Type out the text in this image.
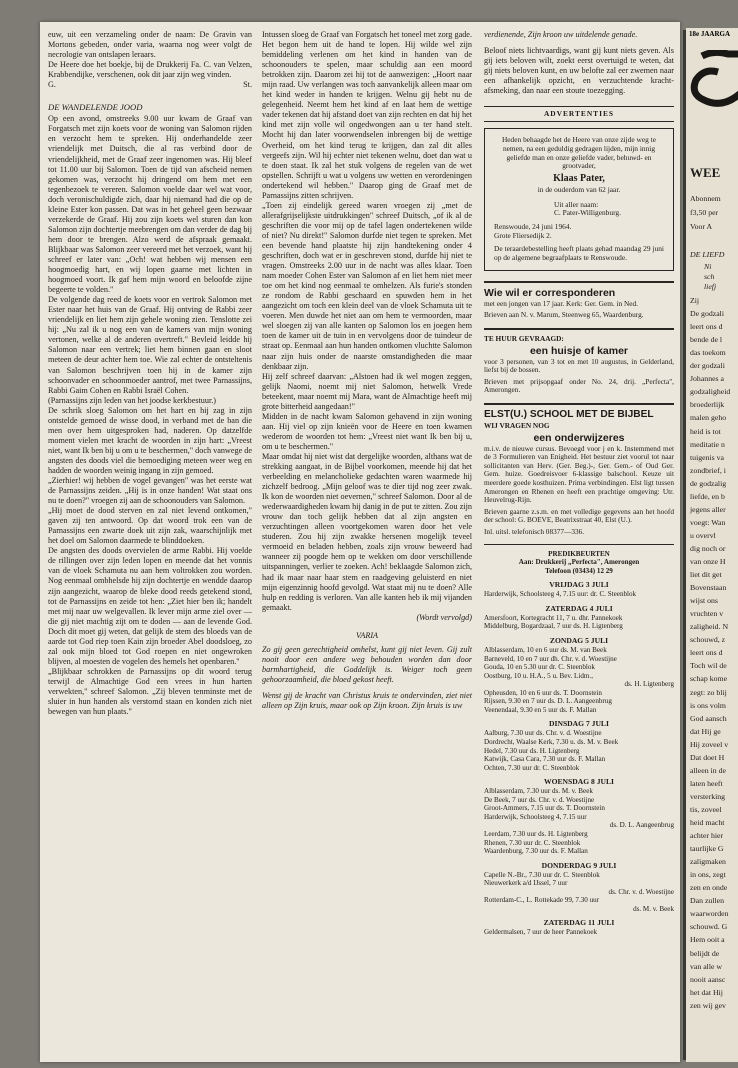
euw, uit een verzameling onder de naam: De Gravin van Mortons gebeden, onder varia, waarna nog weer volgt de necrologie van ontslapen leraars.

De Heere doe het boekje, bij de Drukkerij Fa. C. van Velzen, Krabbendijke, verschenen, ook dit jaar zijn weg vinden.

G.	St.

DE WANDELENDE JOOD

Op een avond, omstreeks 9.00 uur kwam de Graaf van Forgatsch met zijn koets voor de woning van Salomon rijden en verzocht hem te spreken. Hij onderhandelde zeer vriendelijk met Duitsch, die al ras verbind door de vriendelijkheid, met de Graaf zeer ingenomen was. Hij bleef tot 11.00 uur bij Salomon. Toen de tijd van afscheid nemen gekomen was, verzocht hij dringend om hem met een tegenbezoek te vereren. Salomon voelde daar wel wat voor, doch veronischuldigde zich, daar hij niemand had die op de kleine Ester kon passen. Dat was in het geheel geen bezwaar verzekerde de Graaf. Hij zou zijn koets wel sturen dan kon Salomon zijn dochtertje meebrengen om dan verder de dag bij hem door te brengen. Alzo werd de afspraak gemaakt. Blijkbaar was Salomon zeer vereerd met het verzoek, want hij schreef er later van: „Och! wat hebben wij mensen een hoogmoedig hart, en wij lopen gaarne met lichten in hoogmoed voort. Ik gaf hem mijn woord en beloofde zijne begeerte te volden."

De volgende dag reed de koets voor en vertrok Salomon met Ester naar het huis van de Graaf. Hij ontving de Rabbi zeer vriendelijk en liet hem zijn gehele woning zien. Tenslotte zei hij: „Nu zal ik u nog een van de kamers van mijn woning vertonen, welke al de anderen overtreft." Bevleid leidde hij Salomon naar een vertrek; liet hem binnen gaan en sloot meteen de deur achter hem toe. Wie zal echter de ontsteltenis van Salomon beschrijven toen hij in de kamer zijn schoonvader en schoonmoeder aantrof, met twee Parnassijns, Rabbi Gaim Cohen en Rabbi Israël Cohen.

(Parnassijns zijn leden van het joodse kerkbestuur.)

De schrik sloeg Salomon om het hart en hij zag in zijn ontstelde gemoed de wisse dood, in verband met de ban die men over hem uitgesproken had, naderen. Op datzelfde moment vielen met kracht de woorden in zijn hart: „Vreest niet, want Ik ben bij u om u te beschermen," doch vanwege de angsten des doods viel die bemoediging meteen weer weg en hadden de woorden weinig ingang in zijn gemoed.

„Zierhier! wij hebben de vogel gevangen" was het eerste wat de Parnassijns zeiden. „Hij is in onze handen! Wat staat ons nu te doen?" vroegen zij aan de schoonouders van Salomon.

„Hij moet de dood sterven en zal niet levend ontkomen," gaven zij ten antwoord. Op dat woord trok een van de Parnassijns een zwarte doek uit zijn zak, waarschijnlijk met het doel om Salomon daarmede te blinddoeken.

De angsten des doods overvielen de arme Rabbi. Hij voelde de rillingen over zijn leden lopen en meende dat het vonnis van de vloek Schamuta nu aan hem voltrokken zou worden. Nog eenmaal ombhelsde hij zijn dochtertje en wendde daarop zijn aangezicht, waarop de bleke dood reeds getekend stond, tot de Parnassijns en zeide tot hen: „Ziet hier ben ik; handelt met mij naar uw welgevallen. Ik lever mijn arme ziel over — die gij niet machtig zijt om te doden — aan de levende God. Doch dit moet gij weten, dat gelijk de stem des bloeds van de aarde tot God riep toen Kain zijn broeder Abel doodsloeg, zo zal ook mijn bloed tot God roepen en niet ongewroken blijven, al moesten de vogelen des hemels het openbaren."

„Blijkbaar schrokken de Parnassijns op dit woord terug terwijl de Almachtige God een vrees in hun harten verwekten," schreef Salomon. „Zij bleven tenminste met de sluier in hun handen als verstomd staan en konden zich niet bewegen van hun plaats."

Intussen sloeg de Graaf van Forgatsch het toneel met zorg gade. Het begon hem uit de hand te lopen. Hij wilde wel zijn bemiddeling verlenen om het kind in handen van de schoonouders te spelen, maar schuldig aan een moord betrokken zijn. Daarom zei hij tot de aanwezigen: „Hoort naar mijn raad. Uw verlangen was toch aanvankelijk alleen maar om het kind weder in handen te krijgen. Welnu gij hebt nu de gelegenheid. Neemt hem het kind af en laat hem de wettige vader tekenen dat hij afstand doet van zijn rechten en dat hij het kind met zijn volle wil ongedwongen aan u ter hand stelt. Mocht hij dan later voorwendselen inbrengen bij de wettige Overheid, om het kind terug te krijgen, dan zal dit alles vergeefs zijn. Wil hij echter niet tekenen welnu, doet dan wat u te doen staat. Ik zal het stuk volgens de regelen van de wet opstellen. Schrijft u wat u volgens uw wetten en verordeningen ondertekend wil hebben." Daarop ging de Graaf met de Parnassijns zitten schrijven.

„Toen zij eindelijk gereed waren vroegen zij „met de allerafgrijselijkste uitdrukkingen" schreef Duitsch, „of ik al de geschriften die voor mij op de tafel lagen ondertekenen wilde of niet? Nu direkt!" Salomon durfde niet tegen te spreken. Met een bevende hand plaatste hij zijn handtekening onder 4 geschriften, doch wat er in geschreven stond, durfde hij niet te vragen. Omstreeks 2.00 uur in de nacht was alles klaar. Toen nam moeder Cohen Ester van Salomon af en liet hem niet meer toe om het kind nog eenmaal te omhelzen. Als furie's stonden ze rondom de Rabbi geschaard en spuwden hem in het aangezicht om toch een klein deel van de vloek Schamuta uit te voeren. Men duwde het niet aan om hem te vermoorden, maar wel sloegen zij van alle kanten op Salomon los en joegen hem toen de kamer uit de tuin in en vervolgens door de tuindeur de straat op. Eenmaal aan hun handen ontkomen vluchtte Salomon naar zijn huis onder de naarste omstandigheden die maar denkbaar zijn.

Hij zelf schreef daarvan: „Alstoen had ik wel mogen zeggen, gelijk Naomi, noemt mij niet Salomon, hetwelk Vrede beteekent, maar noemt mij Mara, want de Almachtige heeft mij grote bitterheid aangedaan!"

Midden in de nacht kwam Salomon gehavend in zijn woning aan. Hij viel op zijn knieën voor de Heere en toen kwamen wederom de woorden tot hem: „Vreest niet want Ik ben bij u, om u te beschermen."

Maar omdat hij niet wist dat dergelijke woorden, althans wat de strekking aangaat, in de Bijbel voorkomen, meende hij dat het verbeelding en melancholieke gedachten waren waarmede hij zichzelf bedroog. „Mijn geloof was te dier tijd nog zeer zwak. Ik kon de woorden niet oevernen," schreef Salomon. Door al de wederwaardigheden kwam hij danig in de put te zitten. Zou zijn vrouw dan toch gelijk hebben dat al zijn angsten en verzuchtingen alleen voortgekomen waren door het vele studeren. Zou hij zijn zwakke hersenen mogelijk teveel vermoeid en beladen hebben, zoals zijn vrouw beweerd had wanneer zij poogde hem op te wekken om door verschillende uitspanningen, verlier te zoeken. Ach! beklaagde Salomon zich, had ik maar naar haar stem en raadgeving geluisterd en niet mijn eigenzinnig hoofd gevolgd. Wat staat mij nu te doen? Alle hulp en redding is verloren. Van alle kanten heb ik mij vijanden gemaakt.

(Wordt vervolgd)

VARIA

Zo gij geen gerechtigheid omhelst, kunt gij niet leven. Gij zult nooit door een andere weg behouden worden dan door barmhartigheid, die Goddelijk is. Weiger toch geen gehoorzaamheid, die bloed gekost heeft.

Wenst gij de kracht van Christus kruis te ondervinden, ziet niet alleen op Zijn kruis, maar ook op Zijn kroon. Zijn kruis is uw

verdienende, Zijn kroon uw uitdelende genade.

Beloof niets lichtvaardigs, want gij kunt niets geven. Als gij iets beloven wilt, zoekt eerst overtuigd te weten, dat gij niets beloven kunt, en uw belofte zal eer zwemen naar een afhankelijk opzicht, en verzuchtende kracht-afsmeking, dan naar een stoute toezegging.

ADVERTENTIES

Heden behaagde het de Heere van onze zijde weg te nemen, na een geduldig gedragen lijden, mijn innig geliefde man en onze geliefde vader, behuwd- en grootvader,

Klaas Pater,

in de ouderdom van 62 jaar.

Uit aller naam:

C. Pater-Willigenburg.

Renswoude, 24 juni 1964.

Grote Fliersedijk 2.

De teraardebestelling heeft plaats gehad maandag 29 juni op de algemene begraafplaats te Renswoude.

Wie wil er corresponderen

met een jongen van 17 jaar. Kerk: Ger. Gem. in Ned.

Brieven aan N. v. Marum, Steenweg 65, Waardenburg.

TE HUUR GEVRAAGD:

een huisje of kamer

voor 3 personen, van 3 tot en met 10 augustus, in Gelderland, liefst bij de bossen.

Brieven met prijsopgaaf onder No. 24, drij. „Perfecta", Amerongen.

ELST(U.) SCHOOL MET DE BIJBEL

WIJ VRAGEN NOG

een onderwijzeres

m.i.v. de nieuwe cursus. Bevoegd voor j en k. Instemmend met de 3 Formulieren van Enigheid. Het bestuur ziet voorul tot naar sollicitanten van Herv. (Ger. Beg.)-, Ger. Gem.- of Oud Ger. Gem. huize. Goedreisvoer 6-klassige balschool. Keuze uit meerdere goede kosthuizen. Prima verbindingen. Elst ligt tussen Amerongen en Rhenen en heeft een prachtige omgeving: Utr. Heuvelrug-Rijn.

Brieven gaarne z.s.m. en met volledige gegevens aan het hoofd der school: G. BOEVE, Beatrixstraat 40, Elst (U.).

Inl. uitsl. telefonisch 08377—336.

PREDIKBEURTEN

Aan: Drukkerij „Perfecta", Amerongen

Telefoon (03434) 12 29

VRIJDAG 3 JULI

Harderwijk, Schoolsteeg 4, 7.15 uur: dr. C. Steenblok

ZATERDAG 4 JULI

Amersfoort, Kortegracht 11, 7 u. dhr. Pannekoek

Middelburg, Bogardzaal, 7 uur ds. H. Ligtenberg

ZONDAG 5 JULI

Alblasserdam, 10 en 6 uur ds. M. van Beek

Barneveld, 10 en 7 uur dh. Chr. v. d. Woestijne

Gouda, 10 en 5.30 uur dr. C. Steenblok

Oostburg, 10 u. H.A., 5 u. Bev. Lidm.,

ds. H. Ligtenberg

Opheusden, 10 en 6 uur ds. T. Doornstein

Rijssen, 9.30 en 7 uur ds. D. L. Aangeenbrug

Veenendaal, 9.30 en 5 uur ds. F. Mallan

DINSDAG 7 JULI

Aalburg, 7.30 uur ds. Chr. v. d. Woestijne

Dordrecht, Waalse Kerk, 7.30 u. ds. M. v. Beek

Hedel, 7.30 uur ds. H. Ligtenberg

Katwijk, Casa Cara, 7.30 uur ds. F. Mallan

Ochten, 7.30 uur dr. C. Steenblok

WOENSDAG 8 JULI

Alblasserdam, 7.30 uur ds. M. v. Beek

De Beek, 7 uur ds. Chr. v. d. Woestijne

Groot-Ammers, 7.15 uur ds. T. Doornstein

Harderwijk, Schoolsteeg 4, 7.15 uur

ds. D. L. Aangeenbrug

Leerdam, 7.30 uur ds. H. Ligtenberg

Rhenen, 7.30 uur dr. C. Steenblok

Waardenburg, 7.30 uur ds. F. Mallan

DONDERDAG 9 JULI

Capelle N.-Br., 7.30 uur dr. C. Steenblok

Nieuwerkerk a/d IJssel, 7 uur

ds. Chr. v. d. Woestijne

Rotterdam-C., L. Rottekade 99, 7.30 uur

ds. M. v. Beek

ZATERDAG 11 JULI

Geldermalsen, 7 uur de heer Pannekoek

18e JAARGA
WEE
Abonnem
f3,50 per
Voor A
DE LIEFD
Ni
sch
liefj
Zij
De godzali
leert ons d
bende de l
das toekom
der godzali
Johannes a
godzaligheid
broederlijk
malen geho
heid is tot
meditatie n
tuigenis va
zondbrief, i
de godzalig
liefde, en b
jegens aller
voegt: Wan
u overvl
dig noch or
van onze H
liet dit get
Bovenstaan
wijst ons
vruchten v
zaligheid. N
schouwd, z
leert ons d
Toch wil de
schap kome
zegt: zo blij
is ons volm
God aansch
dat Hij ge
Hij zoveel v
Dat doet H
alleen in de
laten heeft
versterking
tis, zoveel
heid macht
achter hier
taurlijke G
zaligmaken
in ons, zegt
zen en onde
Dan zullen
waarworden
schouwd. G
Hem ooit a
belijdt de
van alle w
nooit aansc
het dat Hij
zen wij gev
